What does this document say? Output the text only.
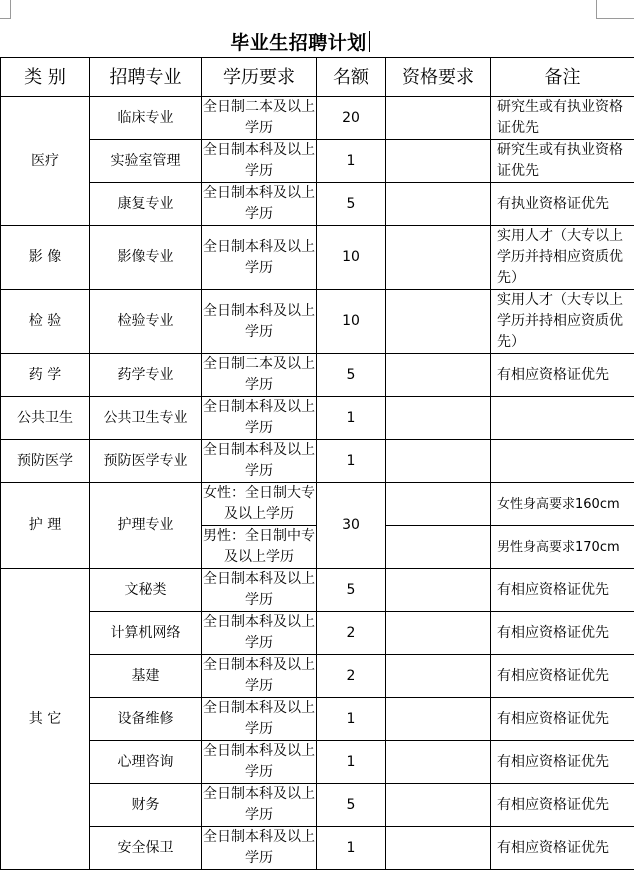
毕业生招聘计划
类 别	招聘专业	学历要求	名额	资格要求	备注
医疗	临床专业	全日制二本及以上学历	20		研究生或有执业资格证优先
	实验室管理	全日制本科及以上学历	1		研究生或有执业资格证优先
	康复专业	全日制本科及以上学历	5		有执业资格证优先
影 像	影像专业	全日制本科及以上学历	10		实用人才（大专以上学历并持相应资质优先）
检 验	检验专业	全日制本科及以上学历	10		实用人才（大专以上学历并持相应资质优先）
药 学	药学专业	全日制二本及以上学历	5		有相应资格证优先
公共卫生	公共卫生专业	全日制本科及以上学历	1		
预防医学	预防医学专业	全日制本科及以上学历	1		
护 理	护理专业	女性：全日制大专及以上学历	30		女性身高要求160cm
		男性：全日制中专及以上学历			男性身高要求170cm
其 它	文秘类	全日制本科及以上学历	5		有相应资格证优先
	计算机网络	全日制本科及以上学历	2		有相应资格证优先
	基建	全日制本科及以上学历	2		有相应资格证优先
	设备维修	全日制本科及以上学历	1		有相应资格证优先
	心理咨询	全日制本科及以上学历	1		有相应资格证优先
	财务	全日制本科及以上学历	5		有相应资格证优先
	安全保卫	全日制本科及以上学历	1		有相应资格证优先
